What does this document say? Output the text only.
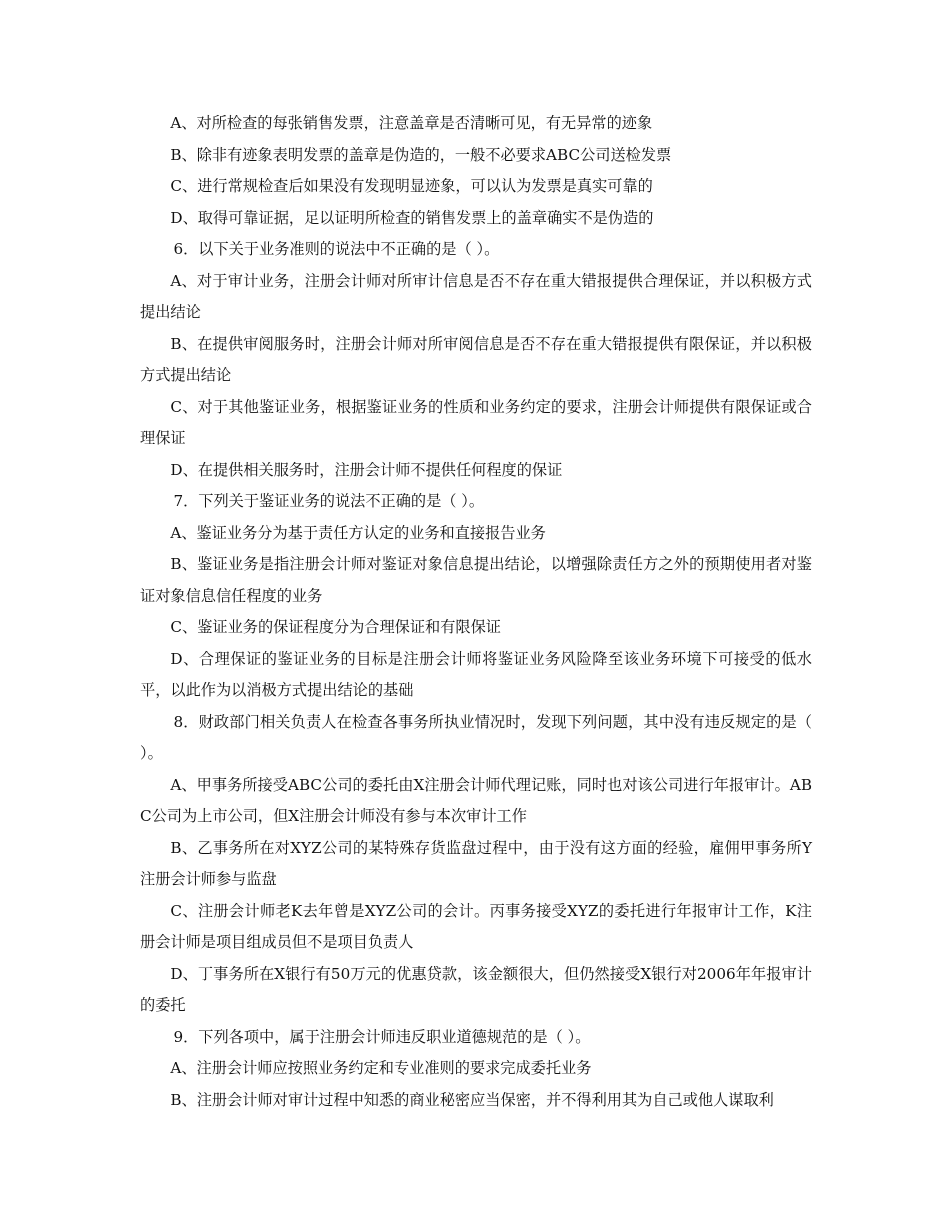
A、对所检查的每张销售发票，注意盖章是否清晰可见，有无异常的迹象

B、除非有迹象表明发票的盖章是伪造的，一般不必要求ABC公司送检发票

C、进行常规检查后如果没有发现明显迹象，可以认为发票是真实可靠的

D、取得可靠证据，足以证明所检查的销售发票上的盖章确实不是伪造的

6．以下关于业务准则的说法中不正确的是（ ）。

A、对于审计业务，注册会计师对所审计信息是否不存在重大错报提供合理保证，并以积极方式提出结论

B、在提供审阅服务时，注册会计师对所审阅信息是否不存在重大错报提供有限保证，并以积极方式提出结论

C、对于其他鉴证业务，根据鉴证业务的性质和业务约定的要求，注册会计师提供有限保证或合理保证

D、在提供相关服务时，注册会计师不提供任何程度的保证

7．下列关于鉴证业务的说法不正确的是（ ）。

A、鉴证业务分为基于责任方认定的业务和直接报告业务

B、鉴证业务是指注册会计师对鉴证对象信息提出结论，以增强除责任方之外的预期使用者对鉴证对象信息信任程度的业务

C、鉴证业务的保证程度分为合理保证和有限保证

D、合理保证的鉴证业务的目标是注册会计师将鉴证业务风险降至该业务环境下可接受的低水平，以此作为以消极方式提出结论的基础

8．财政部门相关负责人在检查各事务所执业情况时，发现下列问题，其中没有违反规定的是（ ）。

A、甲事务所接受ABC公司的委托由X注册会计师代理记账，同时也对该公司进行年报审计。ABC公司为上市公司，但X注册会计师没有参与本次审计工作

B、乙事务所在对XYZ公司的某特殊存货监盘过程中，由于没有这方面的经验，雇佣甲事务所Y注册会计师参与监盘

C、注册会计师老K去年曾是XYZ公司的会计。丙事务接受XYZ的委托进行年报审计工作，K注册会计师是项目组成员但不是项目负责人

D、丁事务所在X银行有50万元的优惠贷款，该金额很大，但仍然接受X银行对2006年年报审计的委托

9．下列各项中，属于注册会计师违反职业道德规范的是（ ）。

A、注册会计师应按照业务约定和专业准则的要求完成委托业务

B、注册会计师对审计过程中知悉的商业秘密应当保密，并不得利用其为自己或他人谋取利
